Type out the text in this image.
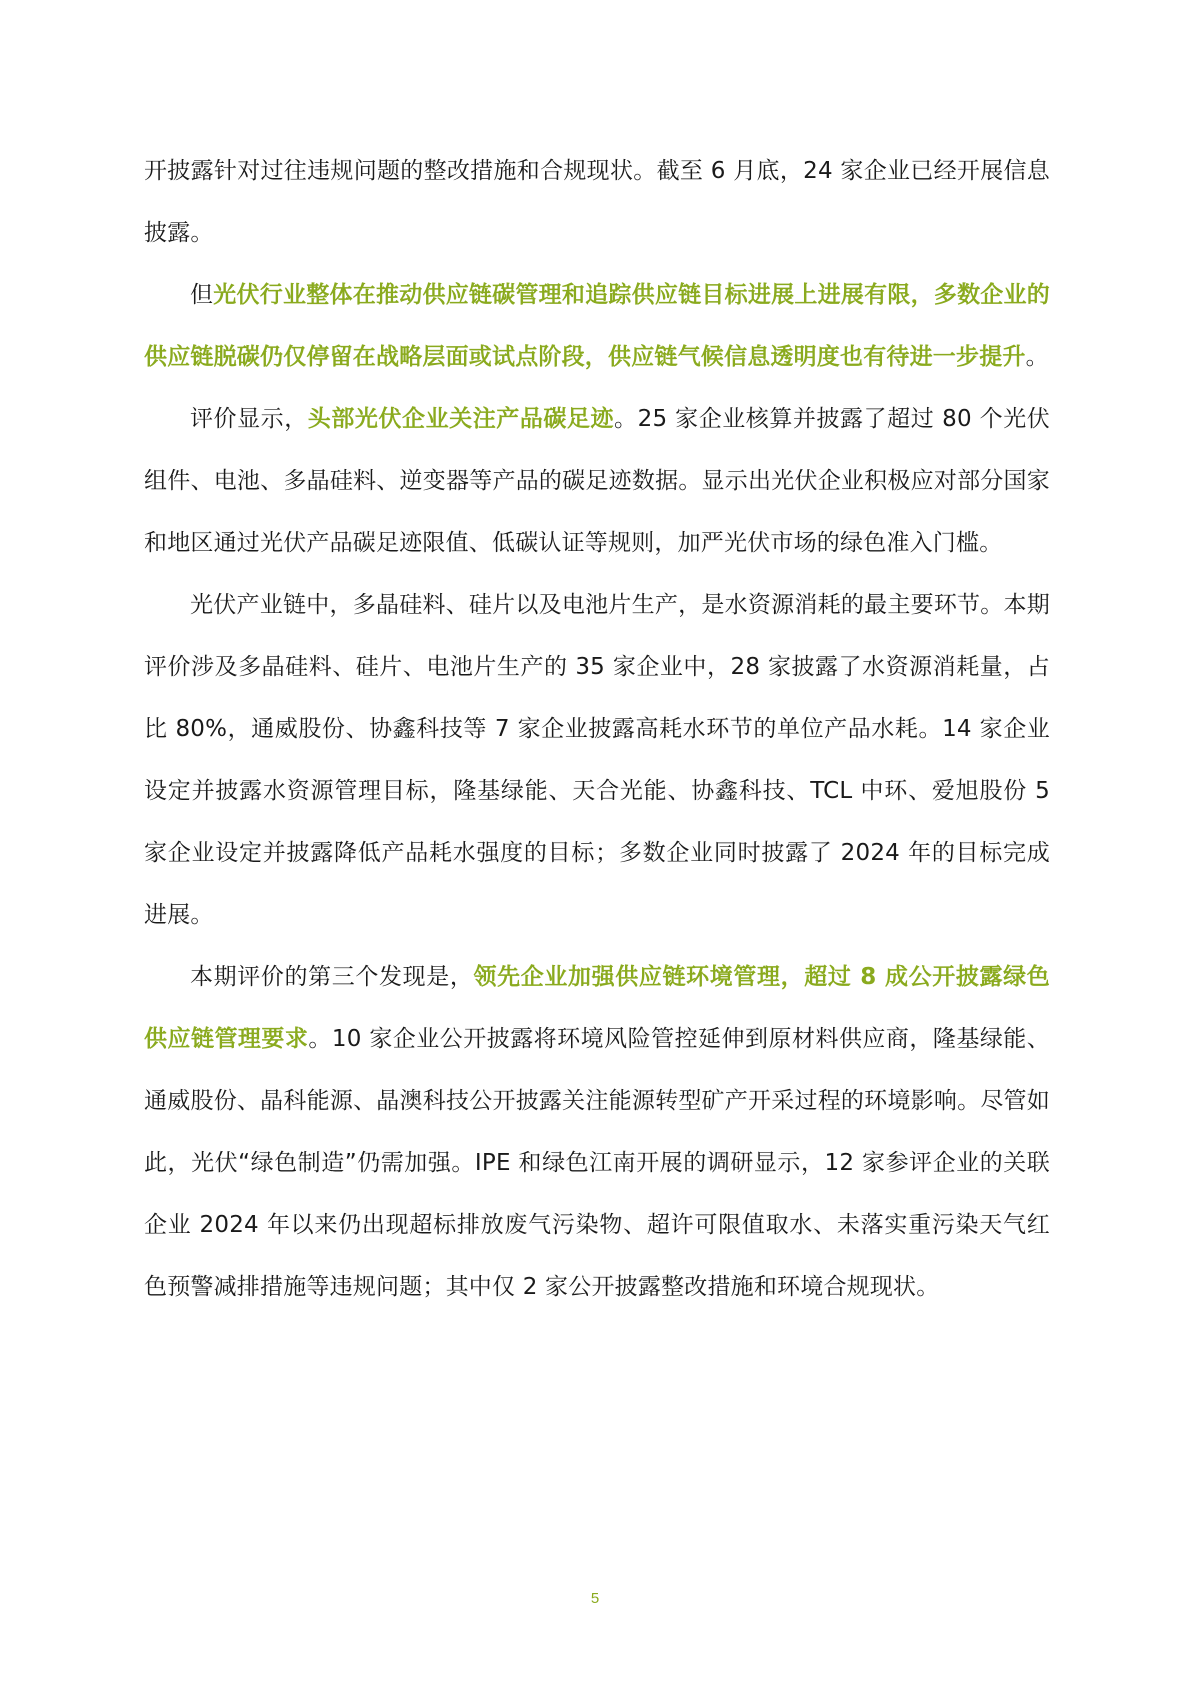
开披露针对过往违规问题的整改措施和合规现状。截至 6 月底，24 家企业已经开展信息披露。

但光伏行业整体在推动供应链碳管理和追踪供应链目标进展上进展有限，多数企业的供应链脱碳仍仅停留在战略层面或试点阶段，供应链气候信息透明度也有待进一步提升。

评价显示，头部光伏企业关注产品碳足迹。25 家企业核算并披露了超过 80 个光伏组件、电池、多晶硅料、逆变器等产品的碳足迹数据。显示出光伏企业积极应对部分国家和地区通过光伏产品碳足迹限值、低碳认证等规则，加严光伏市场的绿色准入门槛。

光伏产业链中，多晶硅料、硅片以及电池片生产，是水资源消耗的最主要环节。本期评价涉及多晶硅料、硅片、电池片生产的 35 家企业中，28 家披露了水资源消耗量，占比 80%，通威股份、协鑫科技等 7 家企业披露高耗水环节的单位产品水耗。14 家企业设定并披露水资源管理目标，隆基绿能、天合光能、协鑫科技、TCL 中环、爱旭股份 5 家企业设定并披露降低产品耗水强度的目标；多数企业同时披露了 2024 年的目标完成进展。

本期评价的第三个发现是，领先企业加强供应链环境管理，超过 8 成公开披露绿色供应链管理要求。10 家企业公开披露将环境风险管控延伸到原材料供应商，隆基绿能、通威股份、晶科能源、晶澳科技公开披露关注能源转型矿产开采过程的环境影响。尽管如此，光伏“绿色制造”仍需加强。IPE 和绿色江南开展的调研显示，12 家参评企业的关联企业 2024 年以来仍出现超标排放废气污染物、超许可限值取水、未落实重污染天气红色预警减排措施等违规问题；其中仅 2 家公开披露整改措施和环境合规现状。

5
